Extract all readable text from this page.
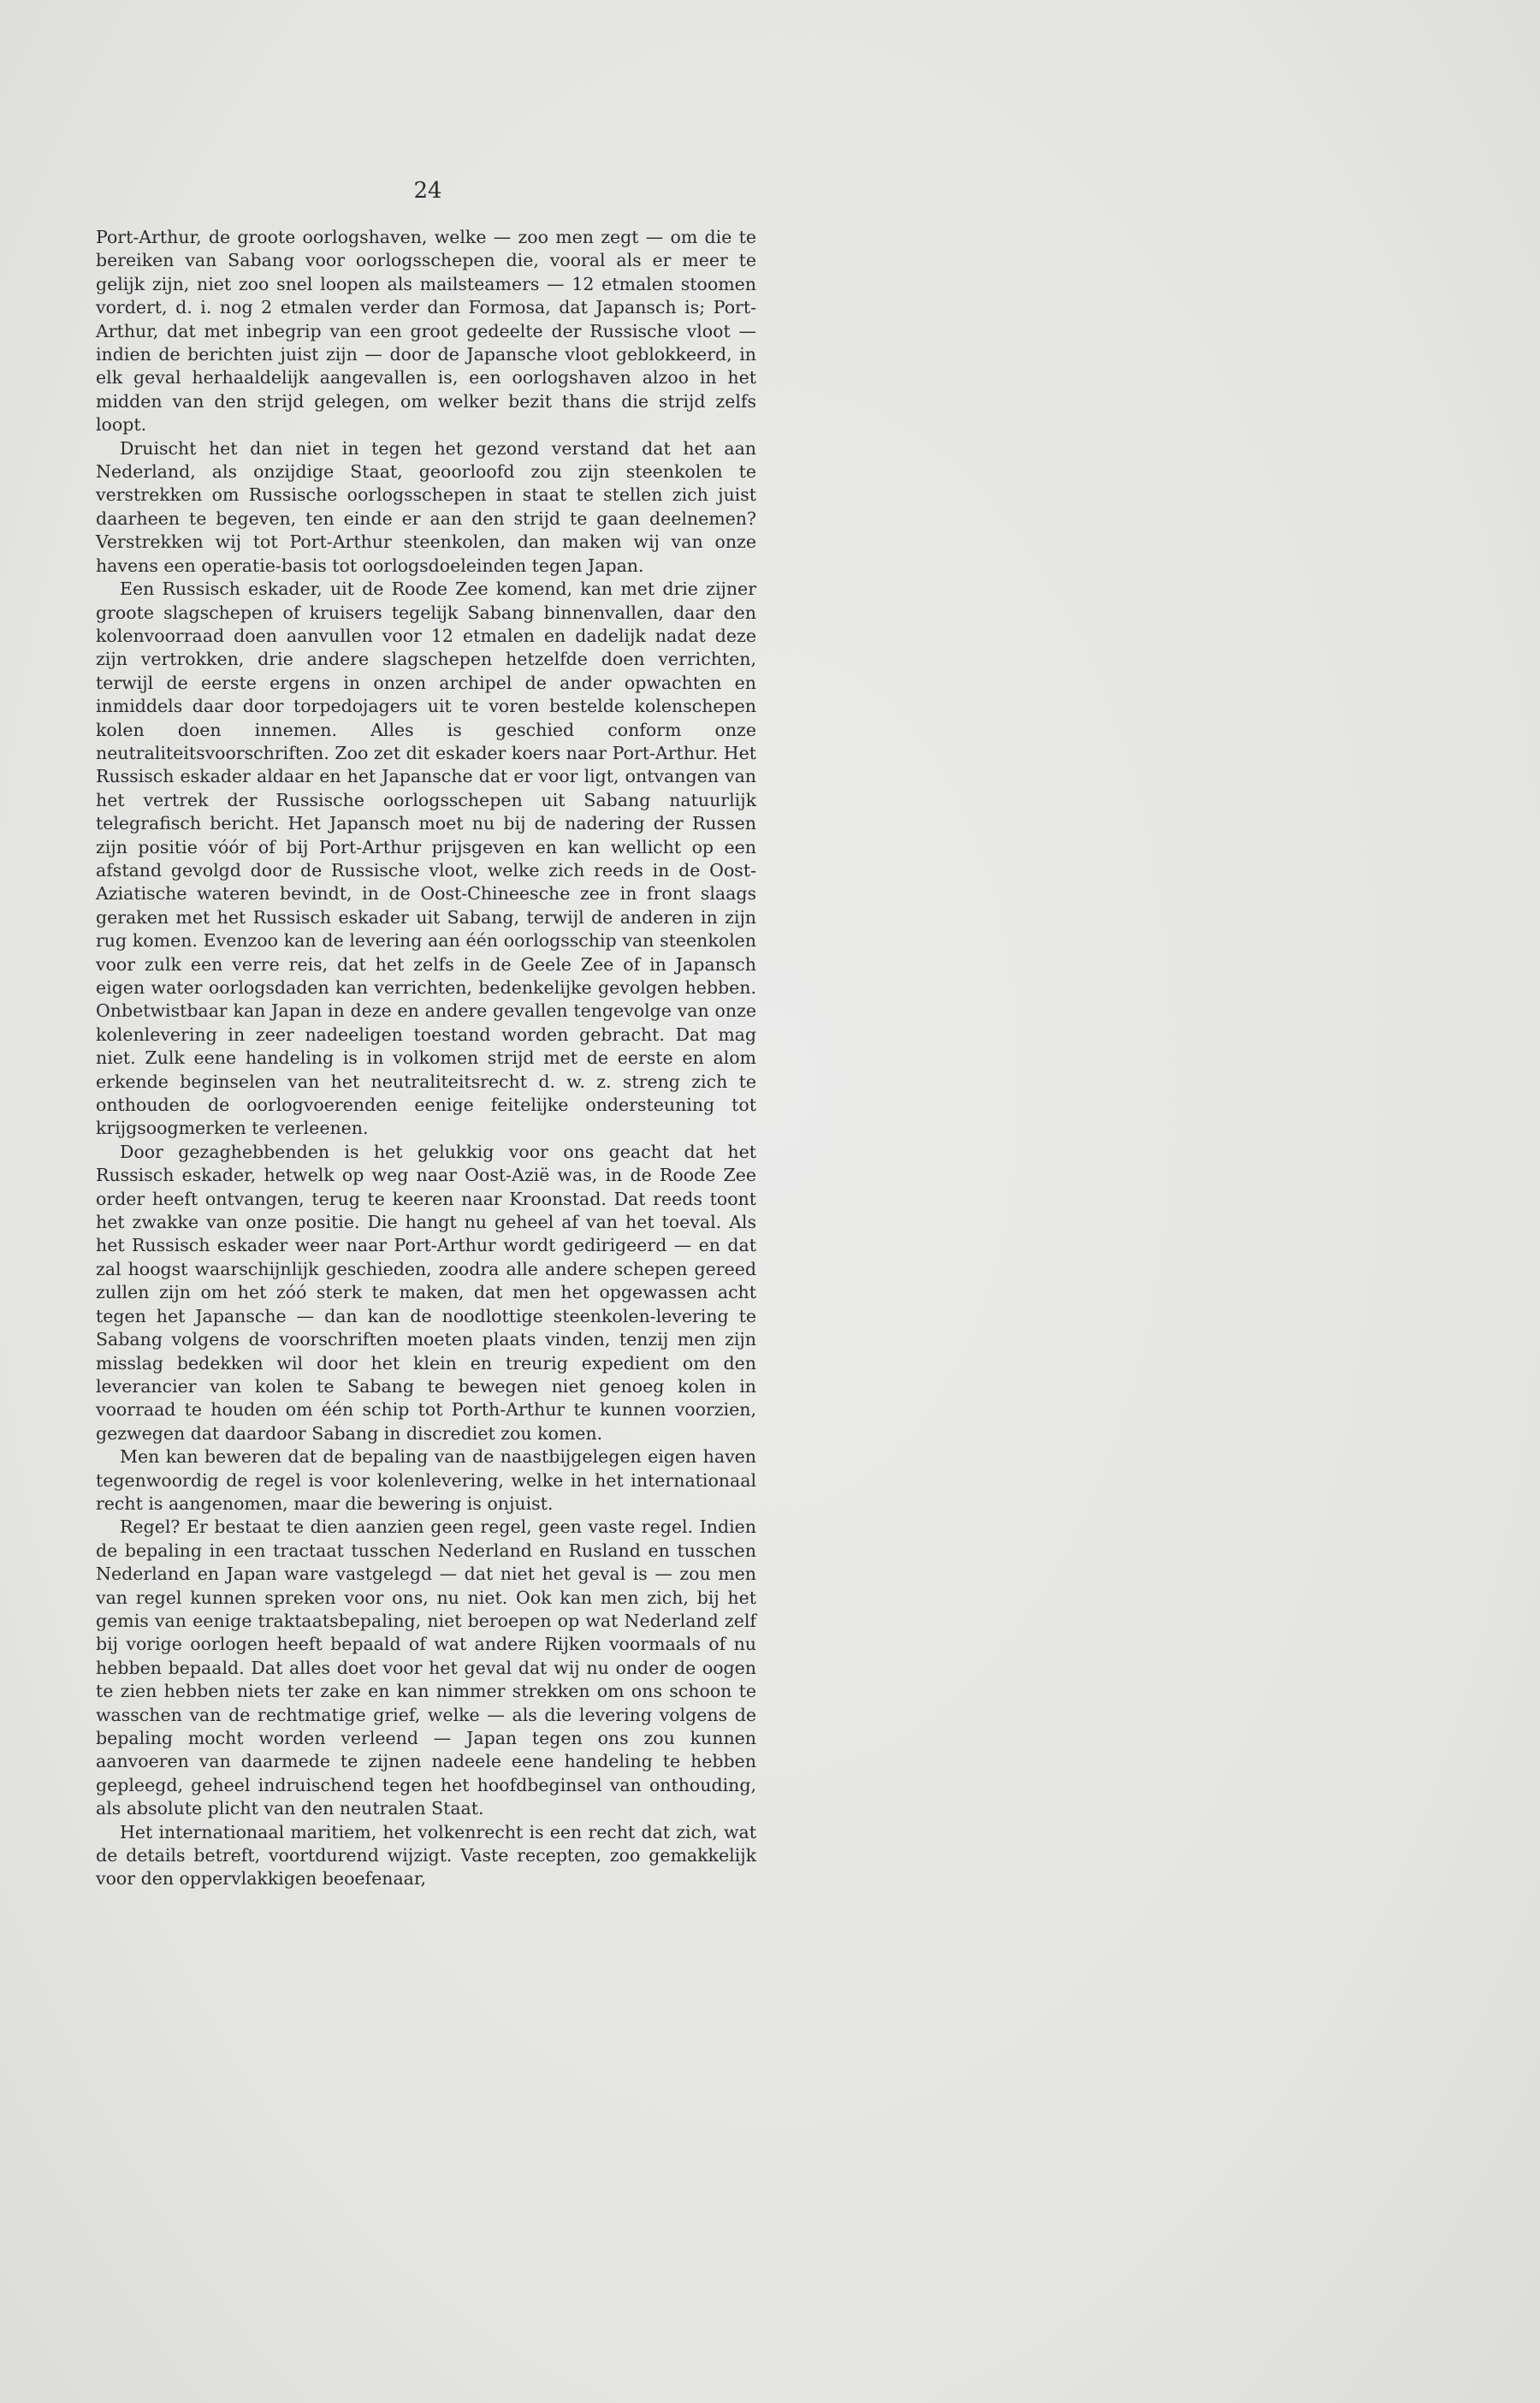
24

Port-Arthur, de groote oorlogshaven, welke — zoo men zegt — om die te bereiken van Sabang voor oorlogsschepen die, vooral als er meer te gelijk zijn, niet zoo snel loopen als mailsteamers — 12 etmalen stoomen vordert, d. i. nog 2 etmalen verder dan Formosa, dat Japansch is; Port-Arthur, dat met inbegrip van een groot gedeelte der Russische vloot — indien de berichten juist zijn — door de Japansche vloot geblokkeerd, in elk geval herhaaldelijk aangevallen is, een oorlogshaven alzoo in het midden van den strijd gelegen, om welker bezit thans die strijd zelfs loopt.

Druischt het dan niet in tegen het gezond verstand dat het aan Nederland, als onzijdige Staat, geoorloofd zou zijn steenkolen te verstrekken om Russische oorlogsschepen in staat te stellen zich juist daarheen te begeven, ten einde er aan den strijd te gaan deelnemen? Verstrekken wij tot Port-Arthur steenkolen, dan maken wij van onze havens een operatie-basis tot oorlogsdoeleinden tegen Japan.

Een Russisch eskader, uit de Roode Zee komend, kan met drie zijner groote slagschepen of kruisers tegelijk Sabang binnenvallen, daar den kolenvoorraad doen aanvullen voor 12 etmalen en dadelijk nadat deze zijn vertrokken, drie andere slagschepen hetzelfde doen verrichten, terwijl de eerste ergens in onzen archipel de ander opwachten en inmiddels daar door torpedojagers uit te voren bestelde kolenschepen kolen doen innemen. Alles is geschied conform onze neutraliteitsvoorschriften. Zoo zet dit eskader koers naar Port-Arthur. Het Russisch eskader aldaar en het Japansche dat er voor ligt, ontvangen van het vertrek der Russische oorlogsschepen uit Sabang natuurlijk telegrafisch bericht. Het Japansch moet nu bij de nadering der Russen zijn positie vóór of bij Port-Arthur prijsgeven en kan wellicht op een afstand gevolgd door de Russische vloot, welke zich reeds in de Oost-Aziatische wateren bevindt, in de Oost-Chineesche zee in front slaags geraken met het Russisch eskader uit Sabang, terwijl de anderen in zijn rug komen. Evenzoo kan de levering aan één oorlogsschip van steenkolen voor zulk een verre reis, dat het zelfs in de Geele Zee of in Japansch eigen water oorlogsdaden kan verrichten, bedenkelijke gevolgen hebben. Onbetwistbaar kan Japan in deze en andere gevallen tengevolge van onze kolenlevering in zeer nadeeligen toestand worden gebracht. Dat mag niet. Zulk eene handeling is in volkomen strijd met de eerste en alom erkende beginselen van het neutraliteitsrecht d. w. z. streng zich te onthouden de oorlogvoerenden eenige feitelijke ondersteuning tot krijgsoogmerken te verleenen.

Door gezaghebbenden is het gelukkig voor ons geacht dat het Russisch eskader, hetwelk op weg naar Oost-Azië was, in de Roode Zee order heeft ontvangen, terug te keeren naar Kroonstad. Dat reeds toont het zwakke van onze positie. Die hangt nu geheel af van het toeval. Als het Russisch eskader weer naar Port-Arthur wordt gedirigeerd — en dat zal hoogst waarschijnlijk geschieden, zoodra alle andere schepen gereed zullen zijn om het zóó sterk te maken, dat men het opgewassen acht tegen het Japansche — dan kan de noodlottige steenkolen-levering te Sabang volgens de voorschriften moeten plaats vinden, tenzij men zijn misslag bedekken wil door het klein en treurig expedient om den leverancier van kolen te Sabang te bewegen niet genoeg kolen in voorraad te houden om één schip tot Porth-Arthur te kunnen voorzien, gezwegen dat daardoor Sabang in discrediet zou komen.

Men kan beweren dat de bepaling van de naastbijgelegen eigen haven tegenwoordig de regel is voor kolenlevering, welke in het internationaal recht is aangenomen, maar die bewering is onjuist.

Regel? Er bestaat te dien aanzien geen regel, geen vaste regel. Indien de bepaling in een tractaat tusschen Nederland en Rusland en tusschen Nederland en Japan ware vastgelegd — dat niet het geval is — zou men van regel kunnen spreken voor ons, nu niet. Ook kan men zich, bij het gemis van eenige traktaatsbepaling, niet beroepen op wat Nederland zelf bij vorige oorlogen heeft bepaald of wat andere Rijken voormaals of nu hebben bepaald. Dat alles doet voor het geval dat wij nu onder de oogen te zien hebben niets ter zake en kan nimmer strekken om ons schoon te wasschen van de rechtmatige grief, welke — als die levering volgens de bepaling mocht worden verleend — Japan tegen ons zou kunnen aanvoeren van daarmede te zijnen nadeele eene handeling te hebben gepleegd, geheel indruischend tegen het hoofdbeginsel van onthouding, als absolute plicht van den neutralen Staat.

Het internationaal maritiem, het volkenrecht is een recht dat zich, wat de details betreft, voortdurend wijzigt. Vaste recepten, zoo gemakkelijk voor den oppervlakkigen beoefenaar,
